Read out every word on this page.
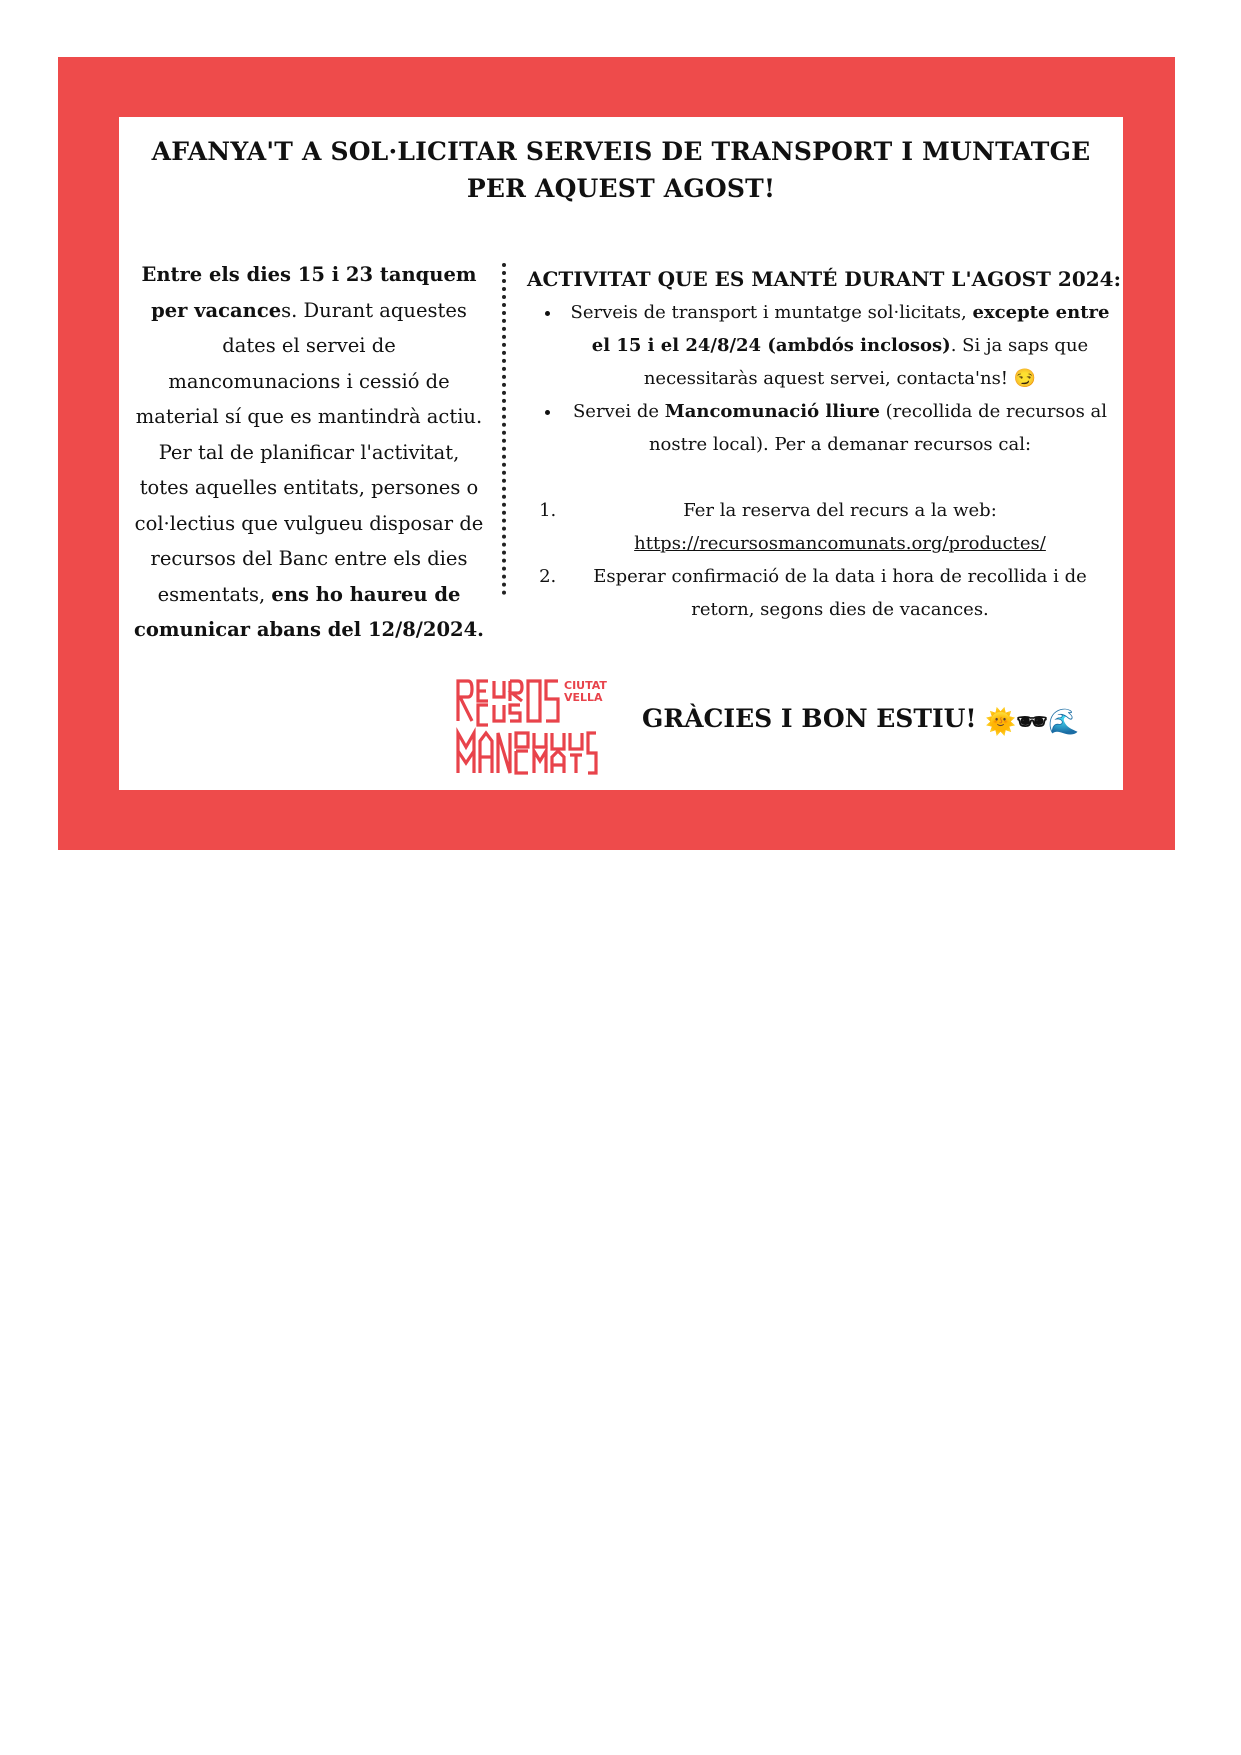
AFANYA'T A SOL·LICITAR SERVEIS DE TRANSPORT I MUNTATGE
PER AQUEST AGOST!
Entre els dies 15 i 23 tanquem per vacances. Durant aquestes dates el servei de mancomunacions i cessió de material sí que es mantindrà actiu. Per tal de planificar l'activitat, totes aquelles entitats, persones o col·lectius que vulgueu disposar de recursos del Banc entre els dies esmentats, ens ho haureu de comunicar abans del 12/8/2024.
ACTIVITAT QUE ES MANTÉ DURANT L'AGOST 2024:
• Serveis de transport i muntatge sol·licitats, excepte entre el 15 i el 24/8/24 (ambdós inclosos). Si ja saps que necessitaràs aquest servei, contacta'ns! 😏
• Servei de Mancomunació lliure (recollida de recursos al nostre local). Per a demanar recursos cal:
1. Fer la reserva del recurs a la web:
https://recursosmancomunats.org/productes/
2. Esperar confirmació de la data i hora de recollida i de retorn, segons dies de vacances.
CIUTAT
VELLA
GRÀCIES I BON ESTIU! 🌞🕶🌊
